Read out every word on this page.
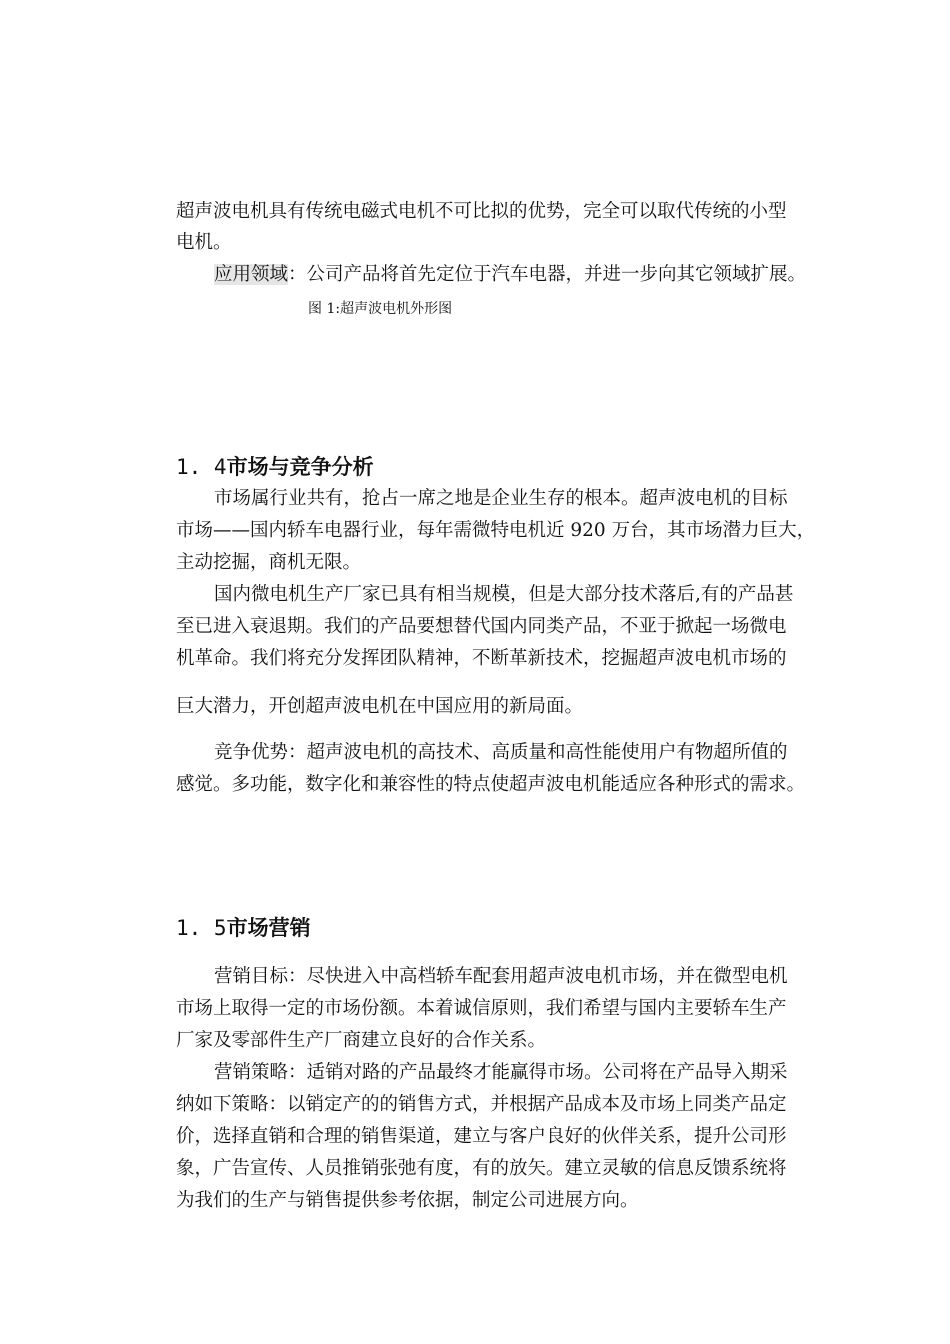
超声波电机具有传统电磁式电机不可比拟的优势，完全可以取代传统的小型
电机。
应用领域：公司产品将首先定位于汽车电器，并进一步向其它领域扩展。
图 1:超声波电机外形图
1. 4市场与竞争分析
市场属行业共有，抢占一席之地是企业生存的根本。超声波电机的目标
市场——国内轿车电器行业，每年需微特电机近 920 万台，其市场潜力巨大，
主动挖掘，商机无限。
国内微电机生产厂家已具有相当规模，但是大部分技术落后,有的产品甚
至已进入衰退期。我们的产品要想替代国内同类产品，不亚于掀起一场微电
机革命。我们将充分发挥团队精神，不断革新技术，挖掘超声波电机市场的
巨大潜力，开创超声波电机在中国应用的新局面。
竞争优势：超声波电机的高技术、高质量和高性能使用户有物超所值的
感觉。多功能，数字化和兼容性的特点使超声波电机能适应各种形式的需求。
1. 5市场营销
营销目标：尽快进入中高档轿车配套用超声波电机市场，并在微型电机
市场上取得一定的市场份额。本着诚信原则，我们希望与国内主要轿车生产
厂家及零部件生产厂商建立良好的合作关系。
营销策略：适销对路的产品最终才能赢得市场。公司将在产品导入期采
纳如下策略：以销定产的的销售方式，并根据产品成本及市场上同类产品定
价，选择直销和合理的销售渠道，建立与客户良好的伙伴关系，提升公司形
象，广告宣传、人员推销张弛有度，有的放矢。建立灵敏的信息反馈系统将
为我们的生产与销售提供参考依据，制定公司进展方向。
